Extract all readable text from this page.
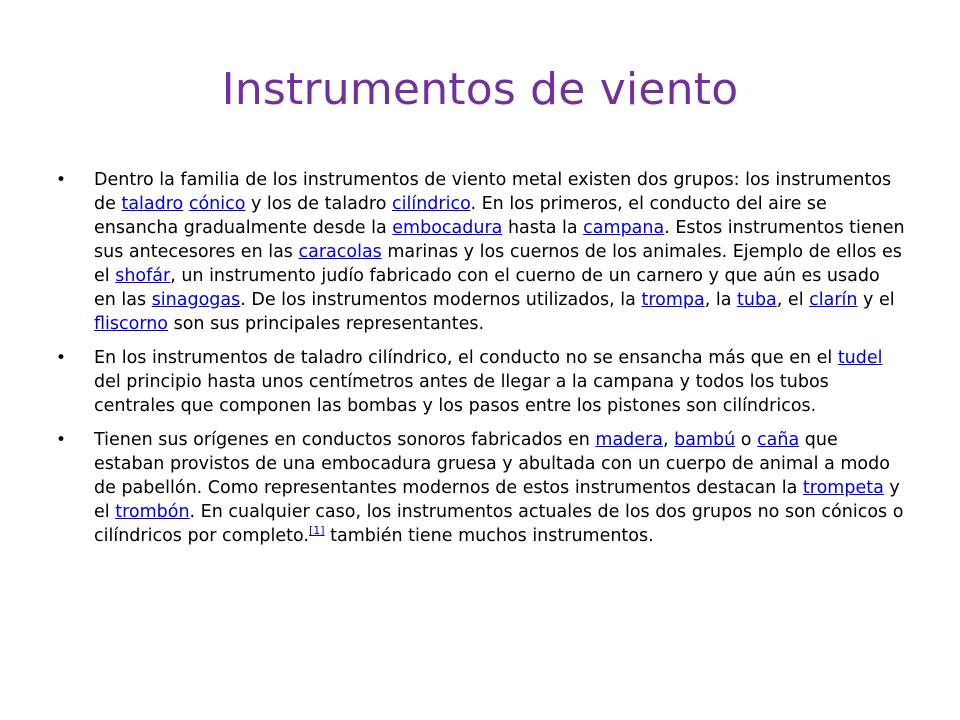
Instrumentos de viento
•	Dentro la familia de los instrumentos de viento metal existen dos grupos: los instrumentos de taladro cónico y los de taladro cilíndrico. En los primeros, el conducto del aire se ensancha gradualmente desde la embocadura hasta la campana. Estos instrumentos tienen sus antecesores en las caracolas marinas y los cuernos de los animales. Ejemplo de ellos es el shofár, un instrumento judío fabricado con el cuerno de un carnero y que aún es usado en las sinagogas. De los instrumentos modernos utilizados, la trompa, la tuba, el clarín y el fliscorno son sus principales representantes.
•	En los instrumentos de taladro cilíndrico, el conducto no se ensancha más que en el tudel del principio hasta unos centímetros antes de llegar a la campana y todos los tubos centrales que componen las bombas y los pasos entre los pistones son cilíndricos.
•	Tienen sus orígenes en conductos sonoros fabricados en madera, bambú o caña que estaban provistos de una embocadura gruesa y abultada con un cuerpo de animal a modo de pabellón. Como representantes modernos de estos instrumentos destacan la trompeta y el trombón. En cualquier caso, los instrumentos actuales de los dos grupos no son cónicos o cilíndricos por completo.[1] también tiene muchos instrumentos.
